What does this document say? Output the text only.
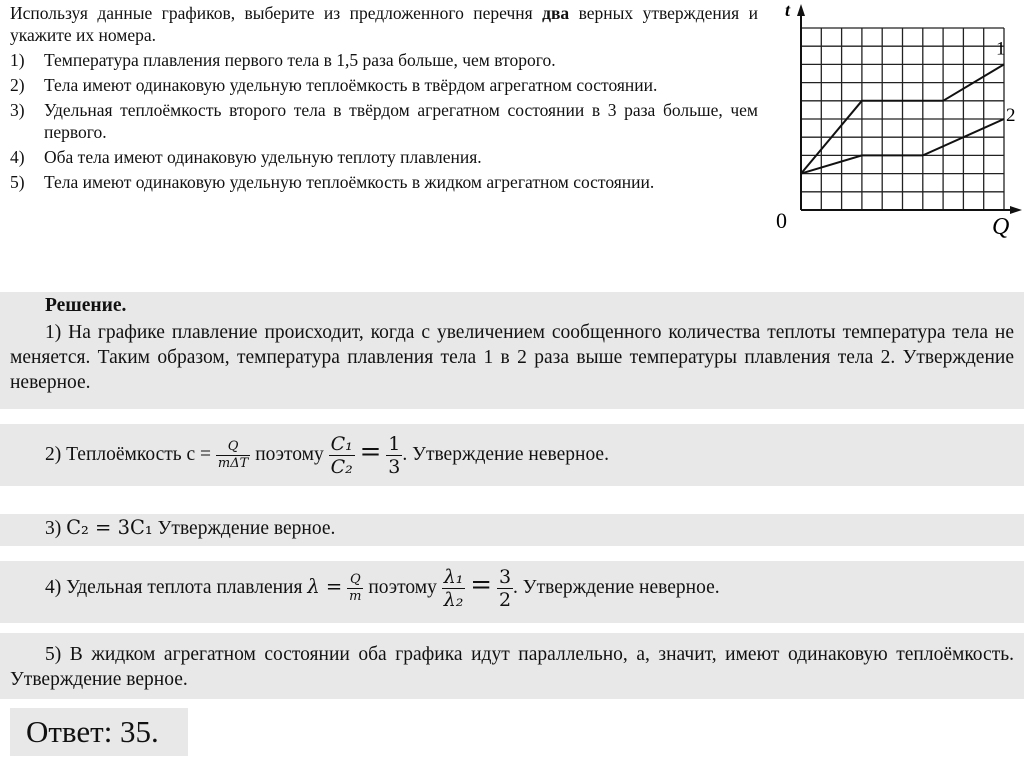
Используя данные графиков, выберите из предложенного перечня два верных утверждения и укажите их номера.
1)	Температура плавления первого тела в 1,5 раза больше, чем второго.
2)	Тела имеют одинаковую удельную теплоёмкость в твёрдом агрегатном состоянии.
3)	Удельная теплоёмкость второго тела в твёрдом агрегатном состоянии в 3 раза больше, чем первого.
4)	Оба тела имеют одинаковую удельную теплоту плавления.
5)	Тела имеют одинаковую удельную теплоёмкость в жидком агрегатном состоянии.
1
2
t
Q
0
Решение.
1) На графике плавление происходит, когда с увеличением сообщенного количества теплоты температура тела не меняется. Таким образом, температура плавления тела 1 в 2 раза выше температуры плавления тела 2. Утверждение неверное.
2) Теплоёмкость $c = \frac{Q}{\text{mΔT}}$ поэтому $\frac{\text{C₁}}{\text{C₂}} = \frac{1}{3}$ . Утверждение неверное.
3) C₂ = 3C₁ Утверждение верное.
4) Удельная теплота плавления $\lambda = \frac{Q}{m}$ поэтому $\frac{\text{λ₁}}{\text{λ₂}} = \frac{3}{2}$ . Утверждение неверное.
5) В жидком агрегатном состоянии оба графика идут параллельно, а, значит, имеют одинаковую теплоёмкость. Утверждение верное.
Ответ: 35.
